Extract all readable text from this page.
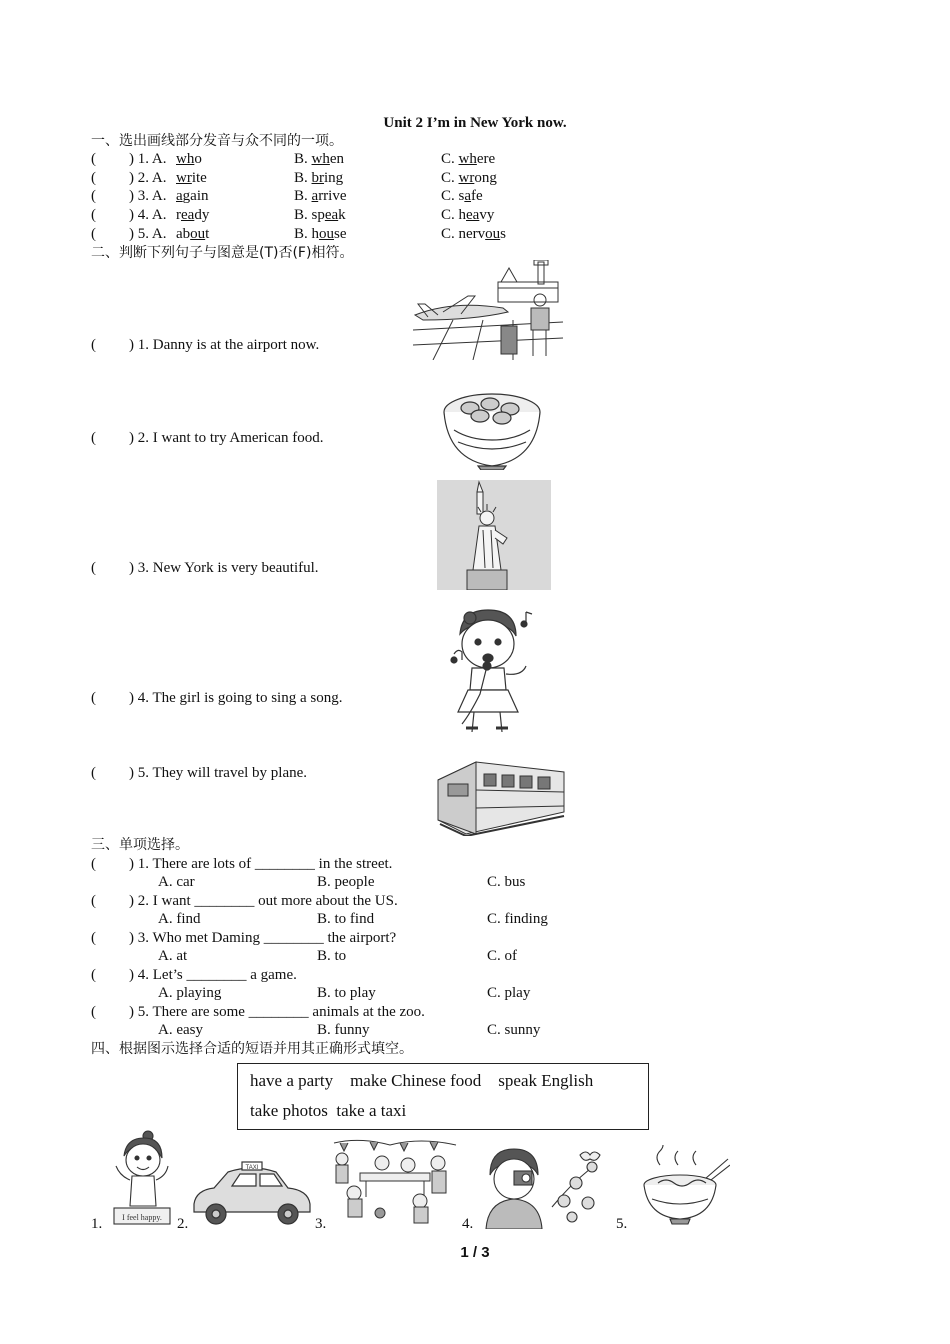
Unit 2 I’m in New York now.
一、选出画线部分发音与众不同的一项。
( ) 1. A. who	B. when	C. where
( ) 2. A. write	B. bring	C. wrong
( ) 3. A. again	B. arrive	C. safe
( ) 4. A. ready	B. speak	C. heavy
( ) 5. A. about	B. house	C. nervous
二、判断下列句子与图意是(T)否(F)相符。
( ) 1. Danny is at the airport now.
( ) 2. I want to try American food.
( ) 3. New York is very beautiful.
( ) 4. The girl is going to sing a song.
( ) 5. They will travel by plane.
三、单项选择。
( ) 1. There are lots of ________ in the street.
A. car	B. people	C. bus
( ) 2. I want ________ out more about the US.
A. find	B. to find	C. finding
( ) 3. Who met Daming ________ the airport?
A. at	B. to	C. of
( ) 4. Let’s ________ a game.
A. playing	B. to play	C. play
( ) 5. There are some ________ animals at the zoo.
A. easy	B. funny	C. sunny
四、根据图示选择合适的短语并用其正确形式填空。
have a party    make Chinese food    speak English
take photos  take a taxi
1.	2.	3.	4.	5.
I feel happy.
TAXI
1 / 3
